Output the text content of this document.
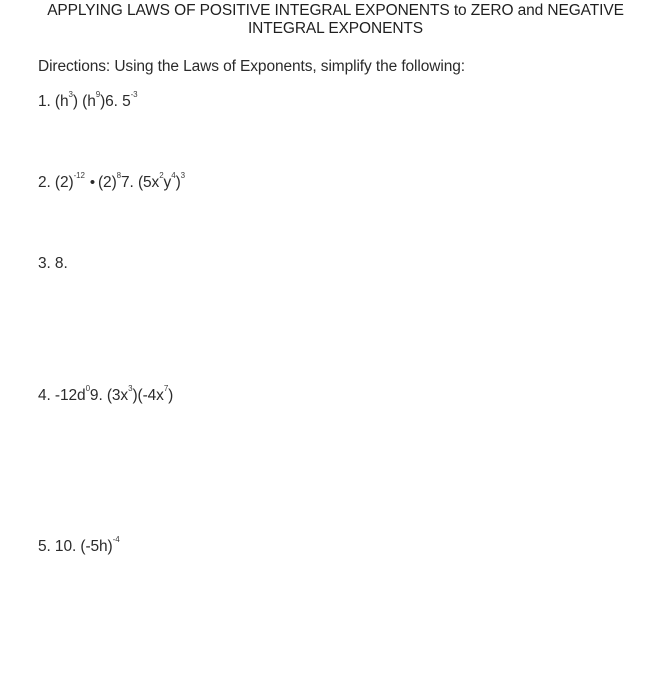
APPLYING LAWS OF POSITIVE INTEGRAL EXPONENTS to ZERO and NEGATIVE
INTEGRAL EXPONENTS
Directions: Using the Laws of Exponents, simplify the following:
1. $(h^3)$ $(h^9)6$. $5^{-3}$
2. $(2)^{-12}$ • $(2)^87$. $(5x^2y^4)^3$
3. 8.
4. $-12d^09$. $(3x^3)(-4x^7)$
5. 10. $(-5h)^{-4}$
